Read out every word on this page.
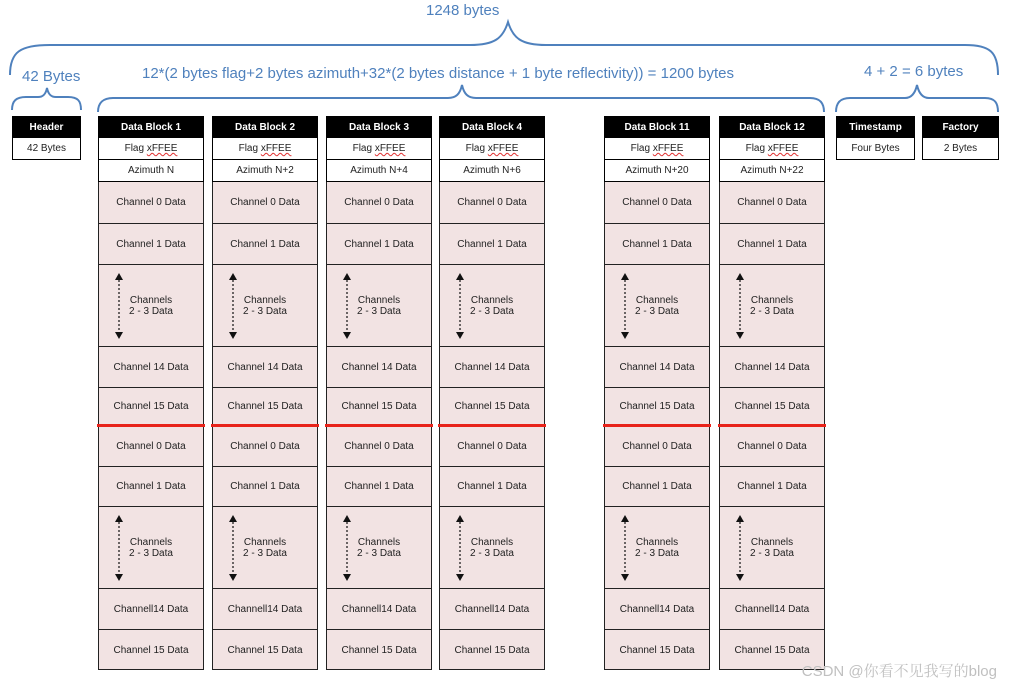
1248 bytes
42 Bytes	12*(2 bytes flag+2 bytes azimuth+32*(2 bytes distance + 1 byte reflectivity)) = 1200 bytes	4 + 2 = 6 bytes
Header
42 Bytes
Data Block 1
Flag xFFEE
Azimuth N
Channel 0 Data
Channel 1 Data
Channels
2 - 3 Data
Channel 14 Data
Channel 15 Data
Channel 0 Data
Channel 1 Data
Channels
2 - 3 Data
Channell14 Data
Channel 15 Data
Data Block 2
Flag xFFEE
Azimuth N+2
Channel 0 Data
Channel 1 Data
Channels
2 - 3 Data
Channel 14 Data
Channel 15 Data
Channel 0 Data
Channel 1 Data
Channels
2 - 3 Data
Channell14 Data
Channel 15 Data
Data Block 3
Flag xFFEE
Azimuth N+4
Channel 0 Data
Channel 1 Data
Channels
2 - 3 Data
Channel 14 Data
Channel 15 Data
Channel 0 Data
Channel 1 Data
Channels
2 - 3 Data
Channell14 Data
Channel 15 Data
Data Block 4
Flag xFFEE
Azimuth N+6
Channel 0 Data
Channel 1 Data
Channels
2 - 3 Data
Channel 14 Data
Channel 15 Data
Channel 0 Data
Channel 1 Data
Channels
2 - 3 Data
Channell14 Data
Channel 15 Data
Data Block 11
Flag xFFEE
Azimuth N+20
Channel 0 Data
Channel 1 Data
Channels
2 - 3 Data
Channel 14 Data
Channel 15 Data
Channel 0 Data
Channel 1 Data
Channels
2 - 3 Data
Channell14 Data
Channel 15 Data
Data Block 12
Flag xFFEE
Azimuth N+22
Channel 0 Data
Channel 1 Data
Channels
2 - 3 Data
Channel 14 Data
Channel 15 Data
Channel 0 Data
Channel 1 Data
Channels
2 - 3 Data
Channell14 Data
Channel 15 Data
Timestamp
Four Bytes
Factory
2 Bytes
CSDN @你看不见我写的blog
